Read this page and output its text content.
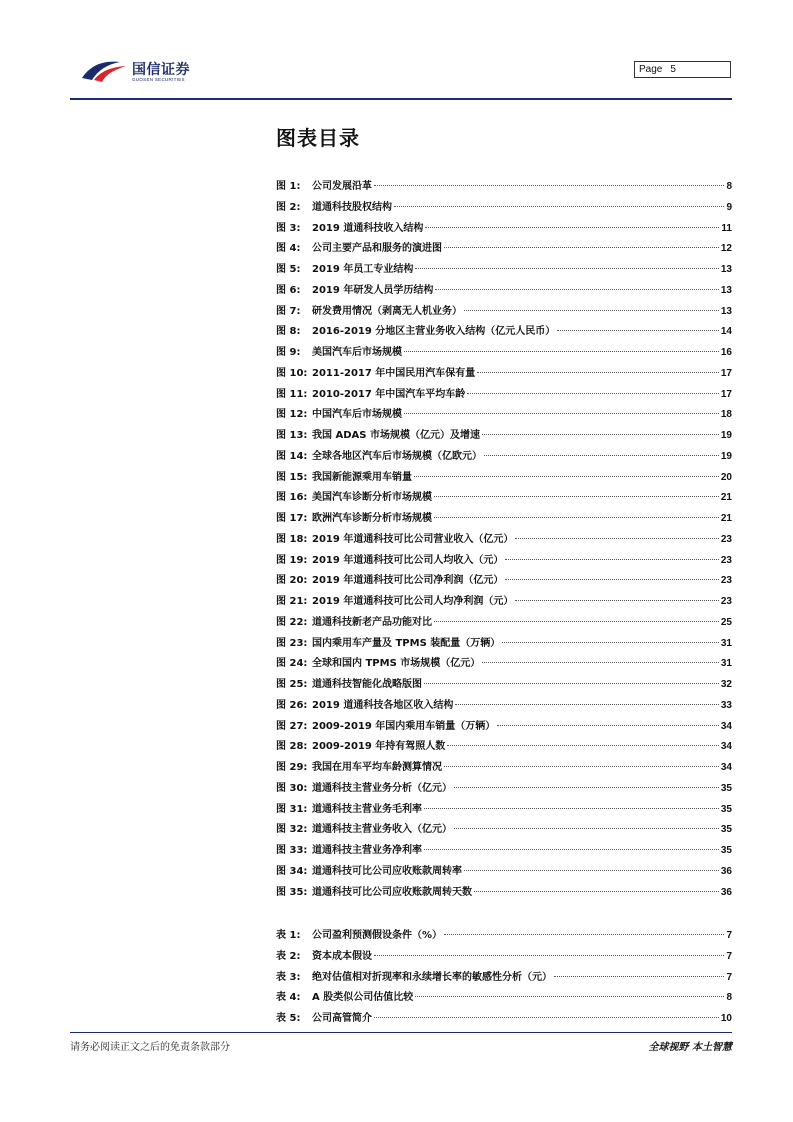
国信证券
GUOSEN SECURITIES
Page 5
图表目录
图 1:	公司发展沿革	8
图 2:	道通科技股权结构	9
图 3:	2019 道通科技收入结构	11
图 4:	公司主要产品和服务的演进图	12
图 5:	2019 年员工专业结构	13
图 6:	2019 年研发人员学历结构	13
图 7:	研发费用情况（剥离无人机业务）	13
图 8:	2016-2019 分地区主营业务收入结构（亿元人民币）	14
图 9:	美国汽车后市场规模	16
图 10: 2011-2017 年中国民用汽车保有量	17
图 11: 2010-2017 年中国汽车平均车龄	17
图 12: 中国汽车后市场规模	18
图 13: 我国 ADAS 市场规模（亿元）及增速	19
图 14: 全球各地区汽车后市场规模（亿欧元）	19
图 15: 我国新能源乘用车销量	20
图 16: 美国汽车诊断分析市场规模	21
图 17: 欧洲汽车诊断分析市场规模	21
图 18: 2019 年道通科技可比公司营业收入（亿元）	23
图 19: 2019 年道通科技可比公司人均收入（元）	23
图 20: 2019 年道通科技可比公司净利润（亿元）	23
图 21: 2019 年道通科技可比公司人均净利润（元）	23
图 22: 道通科技新老产品功能对比	25
图 23: 国内乘用车产量及 TPMS 装配量（万辆）	31
图 24: 全球和国内 TPMS 市场规模（亿元）	31
图 25: 道通科技智能化战略版图	32
图 26: 2019 道通科技各地区收入结构	33
图 27: 2009-2019 年国内乘用车销量（万辆）	34
图 28: 2009-2019 年持有驾照人数	34
图 29: 我国在用车平均车龄测算情况	34
图 30: 道通科技主营业务分析（亿元）	35
图 31: 道通科技主营业务毛利率	35
图 32: 道通科技主营业务收入（亿元）	35
图 33: 道通科技主营业务净利率	35
图 34: 道通科技可比公司应收账款周转率	36
图 35: 道通科技可比公司应收账款周转天数	36
表 1:	公司盈利预测假设条件（%）	7
表 2:	资本成本假设	7
表 3:	绝对估值相对折现率和永续增长率的敏感性分析（元）	7
表 4:	A 股类似公司估值比较	8
表 5:	公司高管简介	10
请务必阅读正文之后的免责条款部分	全球视野 本土智慧
